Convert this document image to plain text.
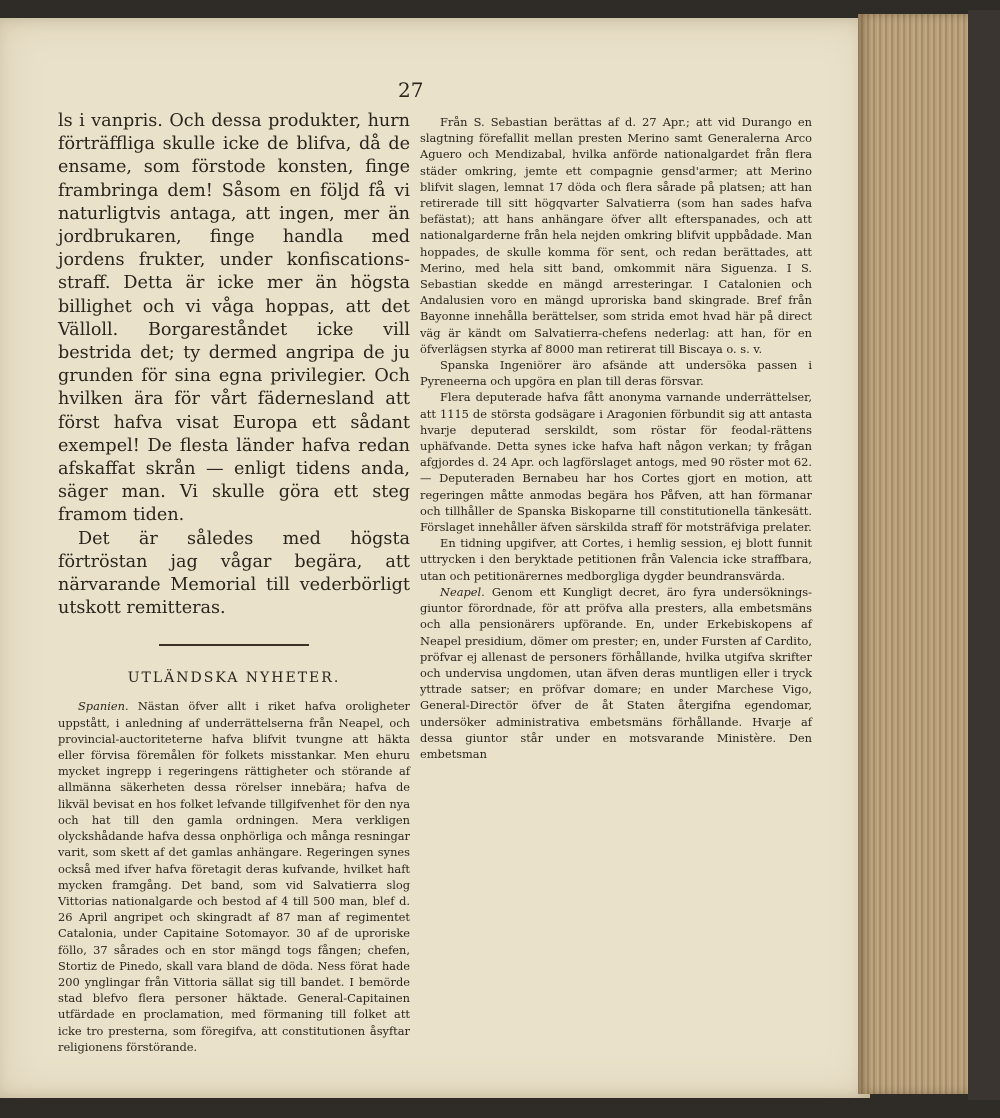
27

ls i vanpris. Och dessa produkter, hurn förträffliga skulle icke de blifva, då de ensame, som förstode konsten, finge frambringa dem! Såsom en följd få vi naturligtvis antaga, att ingen, mer än jordbrukaren, finge handla med jordens frukter, under konfiscations-straff. Detta är icke mer än högsta billighet och vi våga hoppas, att det Välloll. Borgareståndet icke vill bestrida det; ty dermed angripa de ju grunden för sina egna privilegier. Och hvilken ära för vårt fädernesland att först hafva visat Europa ett sådant exempel! De flesta länder hafva redan afskaffat skrån — enligt tidens anda, säger man. Vi skulle göra ett steg framom tiden.

Det är således med högsta förtröstan jag vågar begära, att närvarande Memorial till vederbörligt utskott remitteras.

UTLÄNDSKA NYHETER.

Spanien. Nästan öfver allt i riket hafva oroligheter uppstått, i anledning af underrättelserna från Neapel, och provincial-auctoriteterne hafva blifvit tvungne att häkta eller förvisa föremålen för folkets misstankar. Men ehuru mycket ingrepp i regeringens rättigheter och störande af allmänna säkerheten dessa rörelser innebära; hafva de likväl bevisat en hos folket lefvande tillgifvenhet för den nya och hat till den gamla ordningen. Mera verkligen olyckshådande hafva dessa onphörliga och många resningar varit, som skett af det gamlas anhängare. Regeringen synes också med ifver hafva företagit deras kufvande, hvilket haft mycken framgång. Det band, som vid Salvatierra slog Vittorias nationalgarde och bestod af 4 till 500 man, blef d. 26 April angripet och skingradt af 87 man af regimentet Catalonia, under Capitaine Sotomayor. 30 af de uproriske föllo, 37 sårades och en stor mängd togs fången; chefen, Stortiz de Pinedo, skall vara bland de döda. Ness förat hade 200 ynglingar från Vittoria sällat sig till bandet. I bemörde stad blefvo flera personer häktade. General-Capitainen utfärdade en proclamation, med förmaning till folket att icke tro presterna, som föregifva, att constitutionen åsyftar religionens förstörande.

Från S. Sebastian berättas af d. 27 Apr.; att vid Durango en slagtning förefallit mellan presten Merino samt Generalerna Arco Aguero och Mendizabal, hvilka anförde nationalgardet från flera städer omkring, jemte ett compagnie gensd'armer; att Merino blifvit slagen, lemnat 17 döda och flera sårade på platsen; att han retirerade till sitt högqvarter Salvatierra (som han sades hafva befästat); att hans anhängare öfver allt efterspanades, och att nationalgarderne från hela nejden omkring blifvit uppbådade. Man hoppades, de skulle komma för sent, och redan berättades, att Merino, med hela sitt band, omkommit nära Siguenza. I S. Sebastian skedde en mängd arresteringar. I Catalonien och Andalusien voro en mängd uproriska band skingrade. Bref från Bayonne innehålla berättelser, som strida emot hvad här på direct väg är kändt om Salvatierra-chefens nederlag: att han, för en öfverlägsen styrka af 8000 man retirerat till Biscaya o. s. v.

Spanska Ingeniörer äro afsände att undersöka passen i Pyreneerna och upgöra en plan till deras försvar.

Flera deputerade hafva fått anonyma varnande underrättelser, att 1115 de största godsägare i Aragonien förbundit sig att antasta hvarje deputerad serskildt, som röstar för feodal-rättens uphäfvande. Detta synes icke hafva haft någon verkan; ty frågan afgjordes d. 24 Apr. och lagförslaget antogs, med 90 röster mot 62. — Deputeraden Bernabeu har hos Cortes gjort en motion, att regeringen måtte anmodas begära hos Påfven, att han förmanar och tillhåller de Spanska Biskoparne till constitutionella tänkesätt. Förslaget innehåller äfven särskilda straff för motsträfviga prelater.

En tidning upgifver, att Cortes, i hemlig session, ej blott funnit uttrycken i den beryktade petitionen från Valencia icke straffbara, utan och petitionärernes medborgliga dygder beundransvärda.

Neapel. Genom ett Kungligt decret, äro fyra undersöknings-giuntor förordnade, för att pröfva alla presters, alla embetsmäns och alla pensionärers upförande. En, under Erkebiskopens af Neapel presidium, dömer om prester; en, under Fursten af Cardito, pröfvar ej allenast de personers förhållande, hvilka utgifva skrifter och undervisa ungdomen, utan äfven deras muntligen eller i tryck yttrade satser; en pröfvar domare; en under Marchese Vigo, General-Directör öfver de åt Staten återgifna egendomar, undersöker administrativa embetsmäns förhållande. Hvarje af dessa giuntor står under en motsvarande Ministère. Den embetsman
